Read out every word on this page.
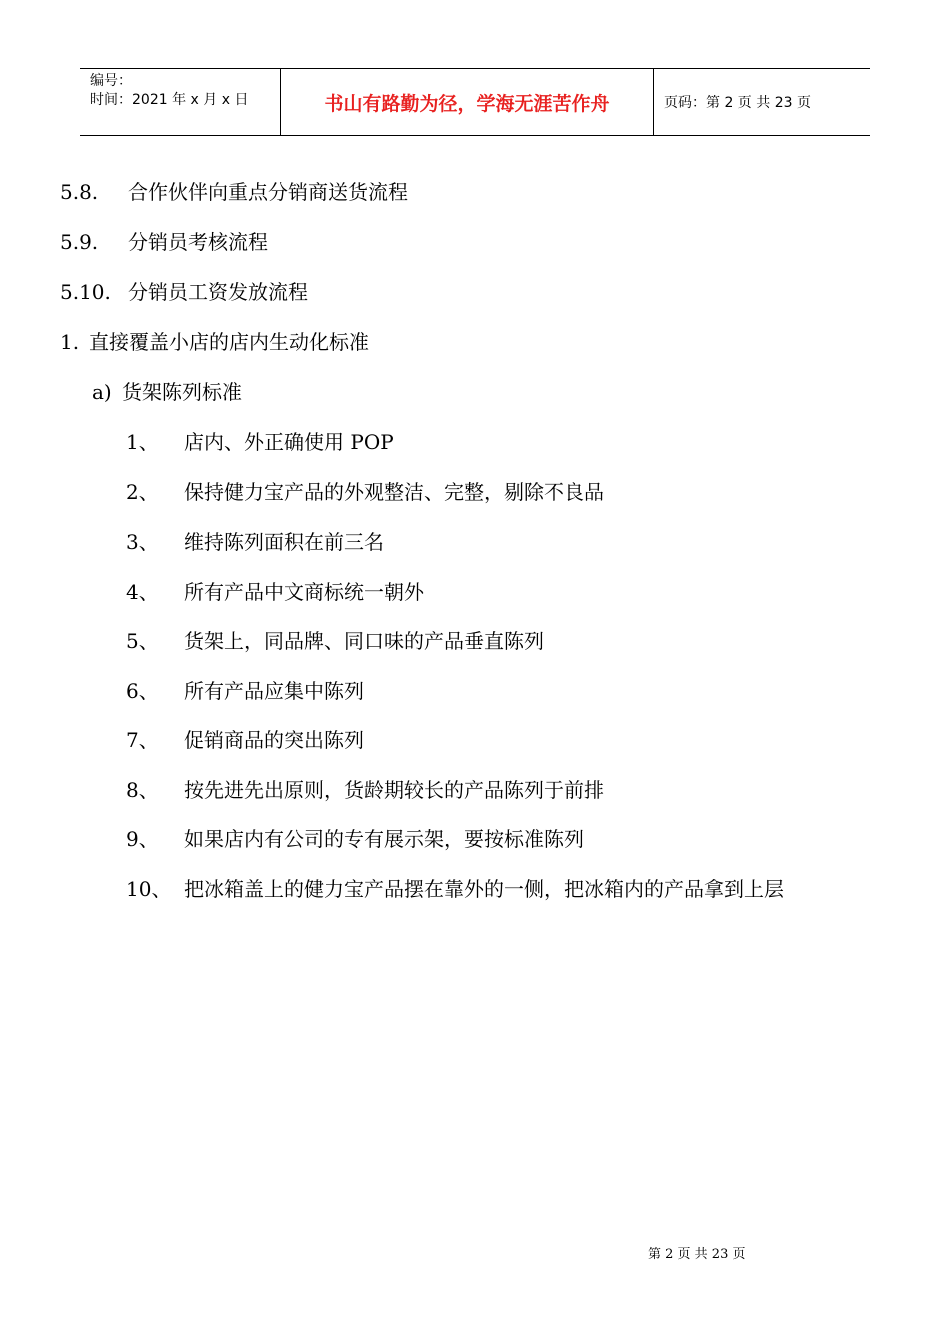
编号：
时间：2021 年 x 月 x 日	书山有路勤为径，学海无涯苦作舟	页码：第 2 页 共 23 页
5.8. 合作伙伴向重点分销商送货流程
5.9. 分销员考核流程
5.10. 分销员工资发放流程
1. 直接覆盖小店的店内生动化标准
a) 货架陈列标准
1、 店内、外正确使用 POP
2、 保持健力宝产品的外观整洁、完整，剔除不良品
3、 维持陈列面积在前三名
4、 所有产品中文商标统一朝外
5、 货架上，同品牌、同口味的产品垂直陈列
6、 所有产品应集中陈列
7、 促销商品的突出陈列
8、 按先进先出原则，货龄期较长的产品陈列于前排
9、 如果店内有公司的专有展示架，要按标准陈列
10、 把冰箱盖上的健力宝产品摆在靠外的一侧，把冰箱内的产品拿到上层
第 2 页 共 23 页
